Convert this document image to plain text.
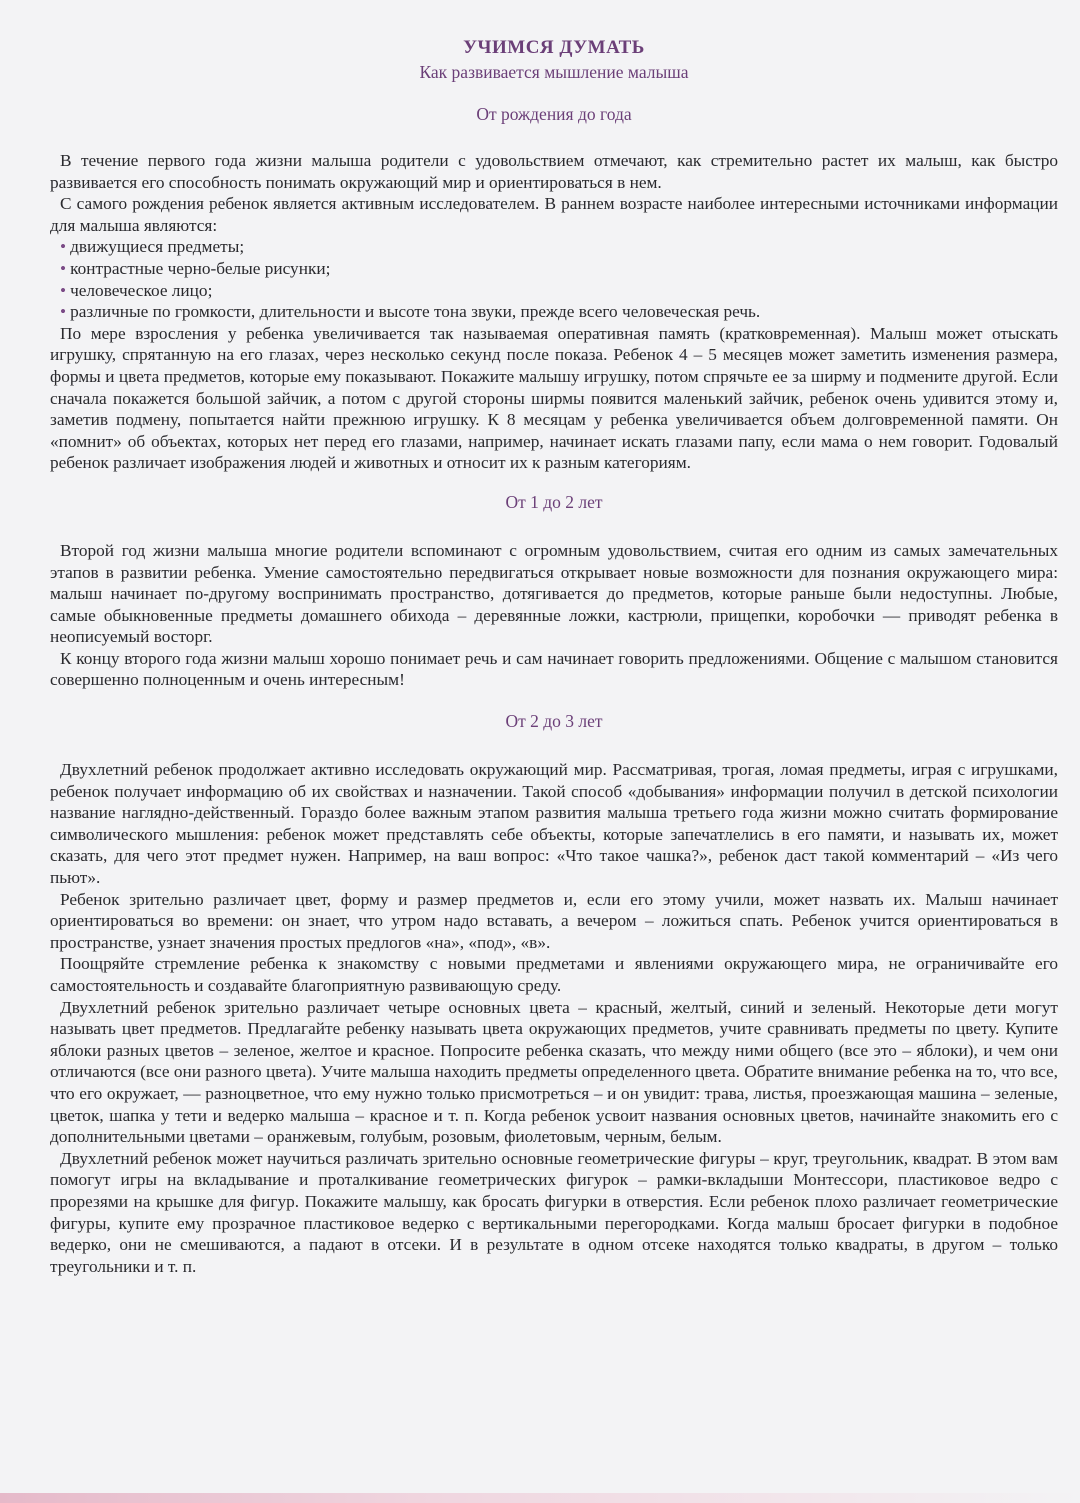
УЧИМСЯ ДУМАТЬ
Как развивается мышление малыша
От рождения до года

В течение первого года жизни малыша родители с удовольствием отмечают, как стремительно растет их малыш, как быстро развивается его способность понимать окружающий мир и ориентироваться в нем.

С самого рождения ребенок является активным исследователем. В раннем возрасте наиболее интересными источниками информации для малыша являются:

• движущиеся предметы;
• контрастные черно-белые рисунки;
• человеческое лицо;
• различные по громкости, длительности и высоте тона звуки, прежде всего человеческая речь.

По мере взросления у ребенка увеличивается так называемая оперативная память (кратковременная). Малыш может отыскать игрушку, спрятанную на его глазах, через несколько секунд после показа. Ребенок 4 – 5 месяцев может заметить изменения размера, формы и цвета предметов, которые ему показывают. Покажите малышу игрушку, потом спрячьте ее за ширму и подмените другой. Если сначала покажется большой зайчик, а потом с другой стороны ширмы появится маленький зайчик, ребенок очень удивится этому и, заметив подмену, попытается найти прежнюю игрушку. К 8 месяцам у ребенка увеличивается объем долговременной памяти. Он «помнит» об объектах, которых нет перед его глазами, например, начинает искать глазами папу, если мама о нем говорит. Годовалый ребенок различает изображения людей и животных и относит их к разным категориям.

От 1 до 2 лет

Второй год жизни малыша многие родители вспоминают с огромным удовольствием, считая его одним из самых замечательных этапов в развитии ребенка. Умение самостоятельно передвигаться открывает новые возможности для познания окружающего мира: малыш начинает по-другому воспринимать пространство, дотягивается до предметов, которые раньше были недоступны. Любые, самые обыкновенные предметы домашнего обихода – деревянные ложки, кастрюли, прищепки, коробочки — приводят ребенка в неописуемый восторг.

К концу второго года жизни малыш хорошо понимает речь и сам начинает говорить предложениями. Общение с малышом становится совершенно полноценным и очень интересным!

От 2 до 3 лет

Двухлетний ребенок продолжает активно исследовать окружающий мир. Рассматривая, трогая, ломая предметы, играя с игрушками, ребенок получает информацию об их свойствах и назначении. Такой способ «добывания» информации получил в детской психологии название наглядно-действенный. Гораздо более важным этапом развития малыша третьего года жизни можно считать формирование символического мышления: ребенок может представлять себе объекты, которые запечатлелись в его памяти, и называть их, может сказать, для чего этот предмет нужен. Например, на ваш вопрос: «Что такое чашка?», ребенок даст такой комментарий – «Из чего пьют».

Ребенок зрительно различает цвет, форму и размер предметов и, если его этому учили, может назвать их. Малыш начинает ориентироваться во времени: он знает, что утром надо вставать, а вечером – ложиться спать. Ребенок учится ориентироваться в пространстве, узнает значения простых предлогов «на», «под», «в».

Поощряйте стремление ребенка к знакомству с новыми предметами и явлениями окружающего мира, не ограничивайте его самостоятельность и создавайте благоприятную развивающую среду.

Двухлетний ребенок зрительно различает четыре основных цвета – красный, желтый, синий и зеленый. Некоторые дети могут называть цвет предметов. Предлагайте ребенку называть цвета окружающих предметов, учите сравнивать предметы по цвету. Купите яблоки разных цветов – зеленое, желтое и красное. Попросите ребенка сказать, что между ними общего (все это – яблоки), и чем они отличаются (все они разного цвета). Учите малыша находить предметы определенного цвета. Обратите внимание ребенка на то, что все, что его окружает, — разноцветное, что ему нужно только присмотреться – и он увидит: трава, листья, проезжающая машина – зеленые, цветок, шапка у тети и ведерко малыша – красное и т. п. Когда ребенок усвоит названия основных цветов, начинайте знакомить его с дополнительными цветами – оранжевым, голубым, розовым, фиолетовым, черным, белым.

Двухлетний ребенок может научиться различать зрительно основные геометрические фигуры – круг, треугольник, квадрат. В этом вам помогут игры на вкладывание и проталкивание геометрических фигурок – рамки-вкладыши Монтессори, пластиковое ведро с прорезями на крышке для фигур. Покажите малышу, как бросать фигурки в отверстия. Если ребенок плохо различает геометрические фигуры, купите ему прозрачное пластиковое ведерко с вертикальными перегородками. Когда малыш бросает фигурки в подобное ведерко, они не смешиваются, а падают в отсеки. И в результате в одном отсеке находятся только квадраты, в другом – только треугольники и т. п.
